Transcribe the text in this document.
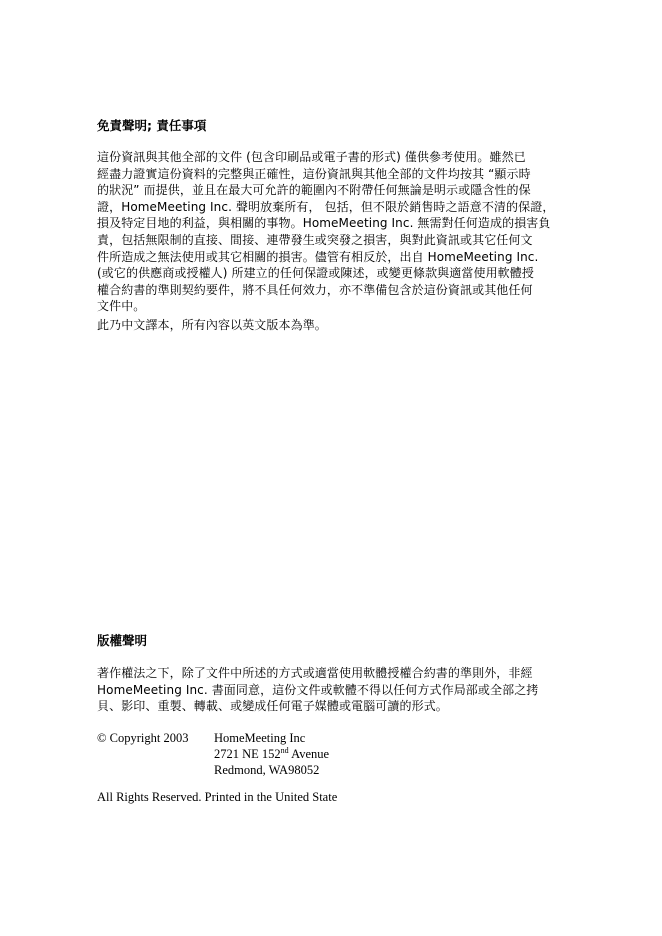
免責聲明; 責任事項

這份資訊與其他全部的文件 (包含印刷品或電子書的形式) 僅供參考使用。雖然已
經盡力證實這份資料的完整與正確性，這份資訊與其他全部的文件均按其 “顯示時
的狀況” 而提供，並且在最大可允許的範圍內不附帶任何無論是明示或隱含性的保
證，HomeMeeting Inc. 聲明放棄所有， 包括，但不限於銷售時之語意不清的保證，
損及特定目地的利益，與相關的事物。HomeMeeting Inc. 無需對任何造成的損害負
責，包括無限制的直接、間接、連帶發生或突發之損害，與對此資訊或其它任何文
件所造成之無法使用或其它相關的損害。儘管有相反於，出自 HomeMeeting Inc.
(或它的供應商或授權人) 所建立的任何保證或陳述，或變更條款與適當使用軟體授
權合約書的準則契約要件，將不具任何效力，亦不準備包含於這份資訊或其他任何
文件中。

此乃中文譯本，所有內容以英文版本為準。

版權聲明

著作權法之下，除了文件中所述的方式或適當使用軟體授權合約書的準則外，非經
HomeMeeting Inc. 書面同意，這份文件或軟體不得以任何方式作局部或全部之拷
貝、影印、重製、轉載、或變成任何電子媒體或電腦可讀的形式。

© Copyright 2003 HomeMeeting Inc
2721 NE 152nd Avenue
Redmond, WA98052

All Rights Reserved. Printed in the United State
